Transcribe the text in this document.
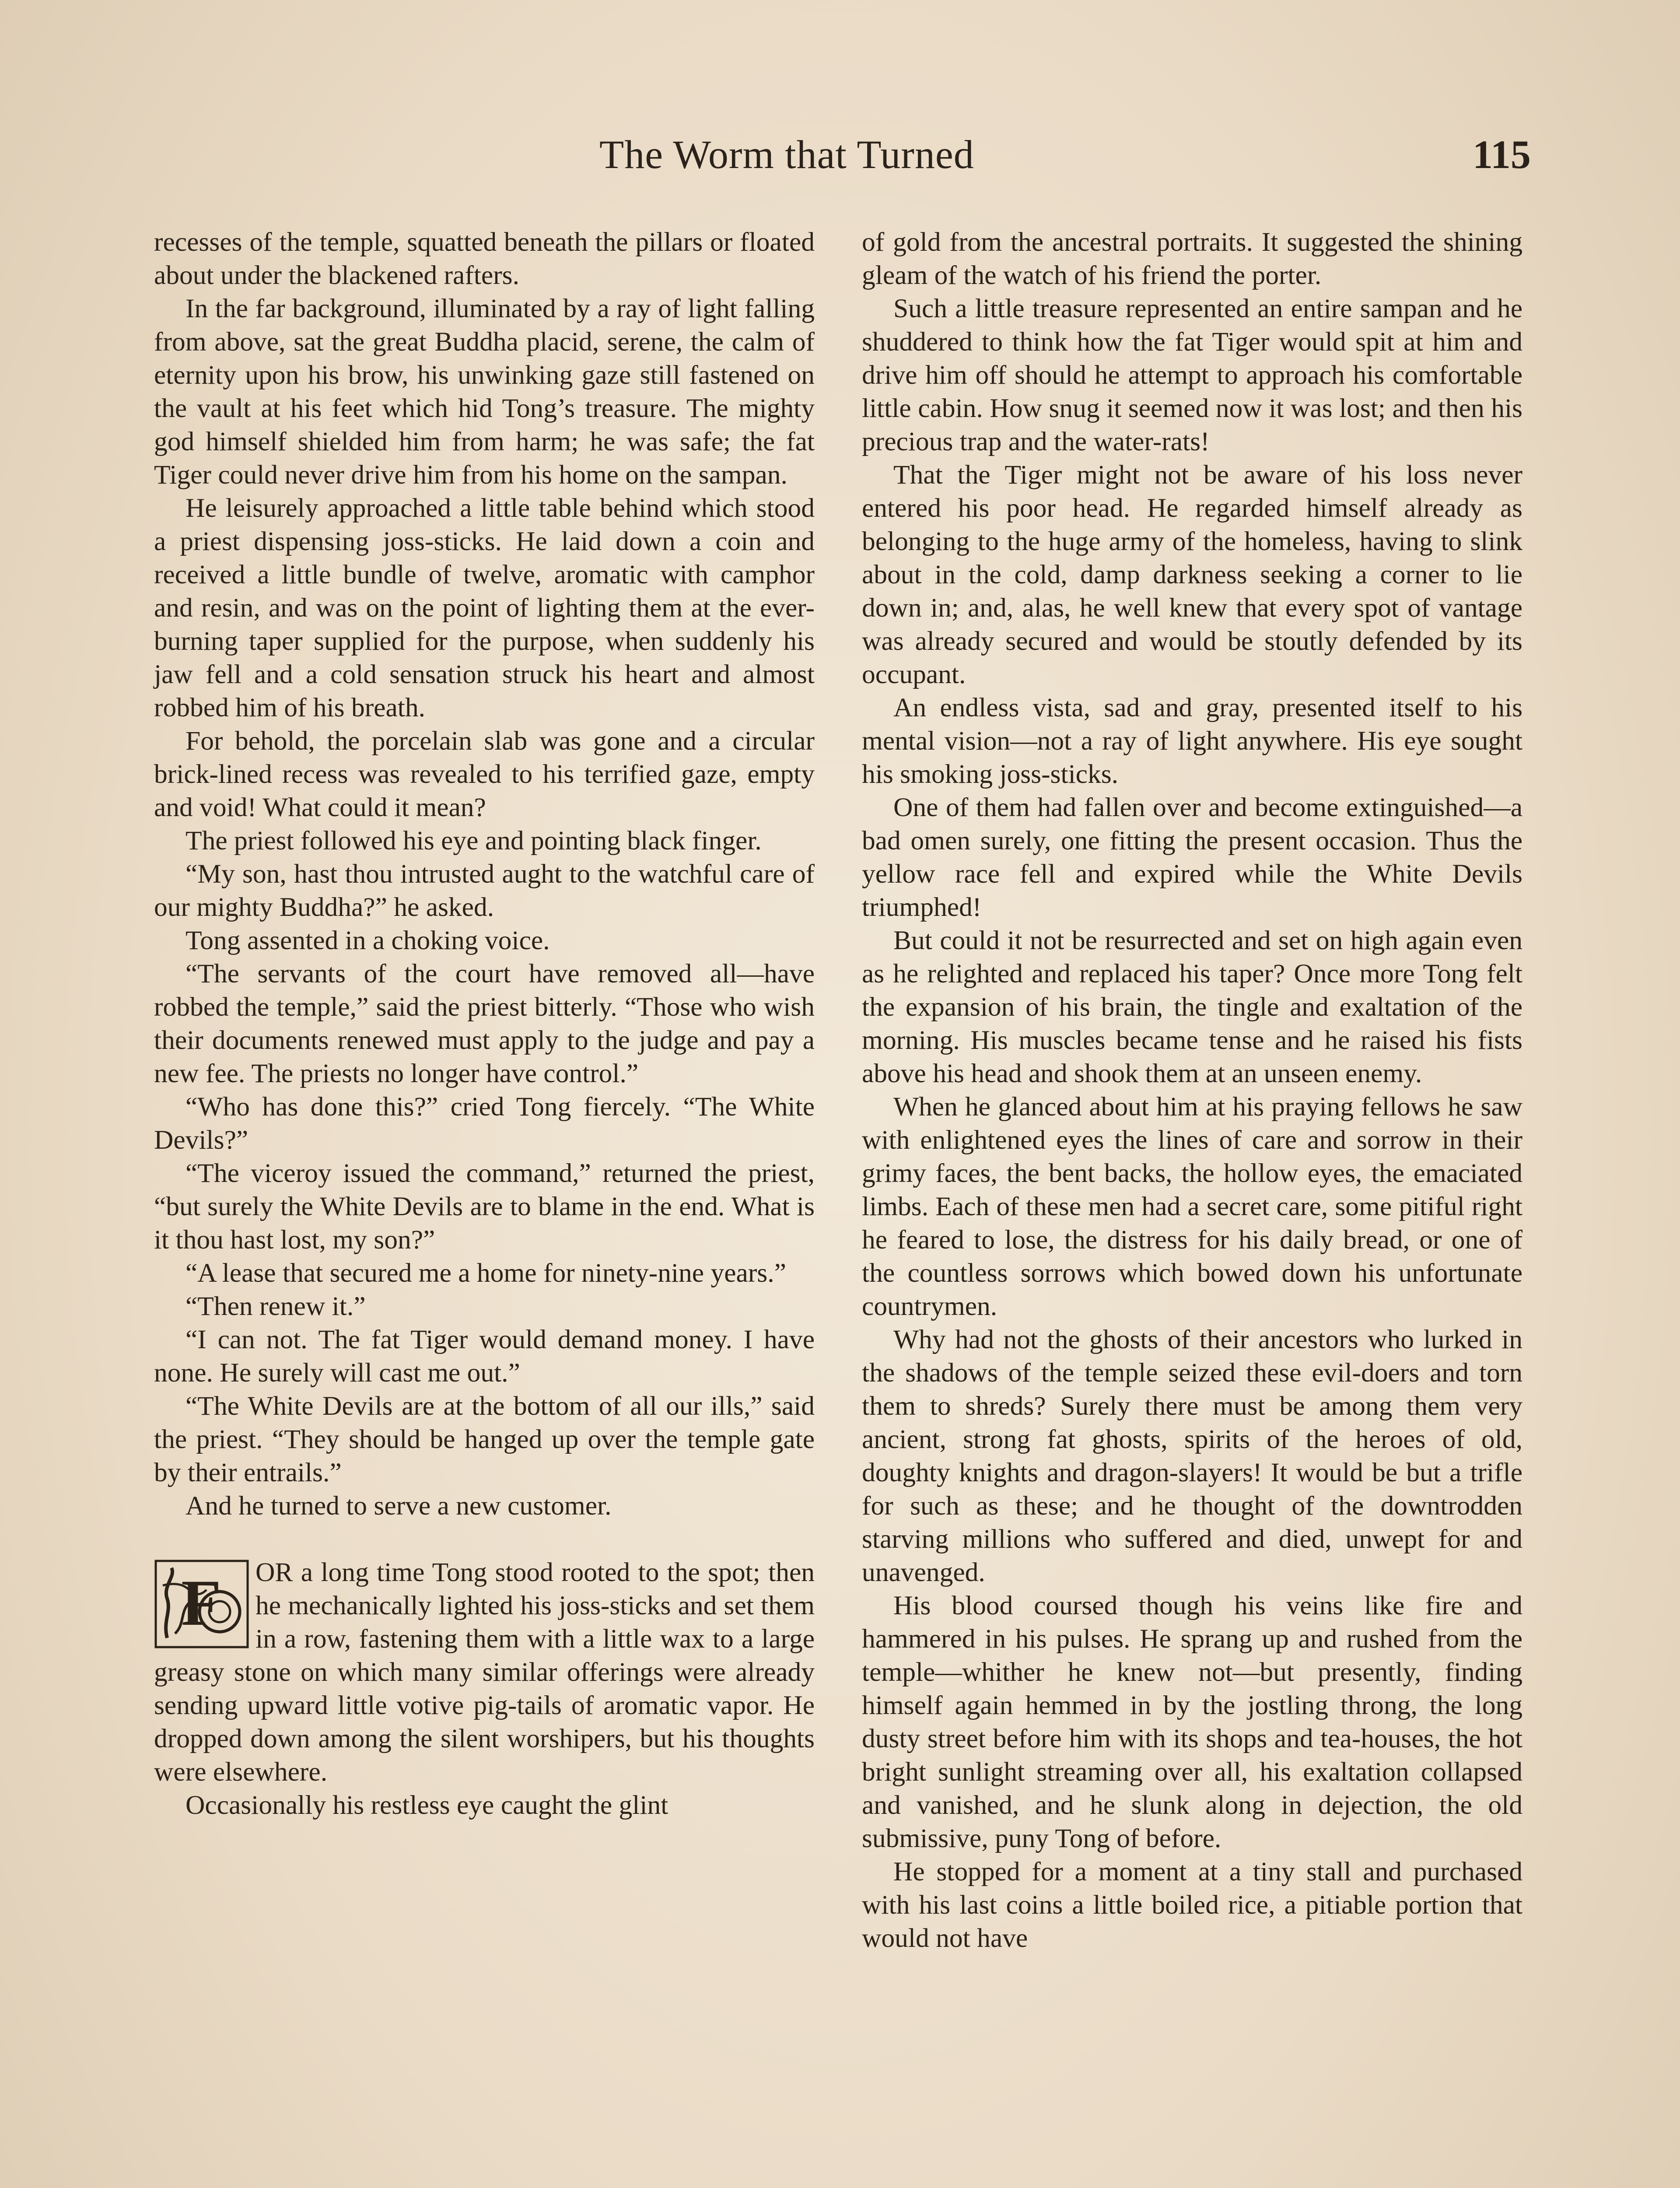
The Worm that Turned	115

recesses of the temple, squatted beneath the pillars or floated about under the blackened rafters.

In the far background, illuminated by a ray of light falling from above, sat the great Buddha placid, serene, the calm of eternity upon his brow, his unwinking gaze still fastened on the vault at his feet which hid Tong’s treasure. The mighty god himself shielded him from harm; he was safe; the fat Tiger could never drive him from his home on the sampan.

He leisurely approached a little table behind which stood a priest dispensing joss-sticks. He laid down a coin and received a little bundle of twelve, aromatic with camphor and resin, and was on the point of lighting them at the ever-burning taper supplied for the purpose, when suddenly his jaw fell and a cold sensation struck his heart and almost robbed him of his breath.

For behold, the porcelain slab was gone and a circular brick-lined recess was revealed to his terrified gaze, empty and void! What could it mean?

The priest followed his eye and pointing black finger.

“My son, hast thou intrusted aught to the watchful care of our mighty Buddha?” he asked.

Tong assented in a choking voice.

“The servants of the court have removed all—have robbed the temple,” said the priest bitterly. “Those who wish their documents renewed must apply to the judge and pay a new fee. The priests no longer have control.”

“Who has done this?” cried Tong fiercely. “The White Devils?”

“The viceroy issued the command,” returned the priest, “but surely the White Devils are to blame in the end. What is it thou hast lost, my son?”

“A lease that secured me a home for ninety-nine years.”

“Then renew it.”

“I can not. The fat Tiger would demand money. I have none. He surely will cast me out.”

“The White Devils are at the bottom of all our ills,” said the priest. “They should be hanged up over the temple gate by their entrails.”

And he turned to serve a new customer.

F	OR a long time Tong stood rooted to the spot; then he mechanically lighted his joss-sticks and set them in a row, fastening them with a little wax to a large greasy stone on which many similar offerings were already sending upward little votive pig-tails of aromatic vapor. He dropped down among the silent worshipers, but his thoughts were elsewhere.

Occasionally his restless eye caught the glint

of gold from the ancestral portraits. It suggested the shining gleam of the watch of his friend the porter.

Such a little treasure represented an entire sampan and he shuddered to think how the fat Tiger would spit at him and drive him off should he attempt to approach his comfortable little cabin. How snug it seemed now it was lost; and then his precious trap and the water-rats!

That the Tiger might not be aware of his loss never entered his poor head. He regarded himself already as belonging to the huge army of the homeless, having to slink about in the cold, damp darkness seeking a corner to lie down in; and, alas, he well knew that every spot of vantage was already secured and would be stoutly defended by its occupant.

An endless vista, sad and gray, presented itself to his mental vision—not a ray of light anywhere. His eye sought his smoking joss-sticks.

One of them had fallen over and become extinguished—a bad omen surely, one fitting the present occasion. Thus the yellow race fell and expired while the White Devils triumphed!

But could it not be resurrected and set on high again even as he relighted and replaced his taper? Once more Tong felt the expansion of his brain, the tingle and exaltation of the morning. His muscles became tense and he raised his fists above his head and shook them at an unseen enemy.

When he glanced about him at his praying fellows he saw with enlightened eyes the lines of care and sorrow in their grimy faces, the bent backs, the hollow eyes, the emaciated limbs. Each of these men had a secret care, some pitiful right he feared to lose, the distress for his daily bread, or one of the countless sorrows which bowed down his unfortunate countrymen.

Why had not the ghosts of their ancestors who lurked in the shadows of the temple seized these evil-doers and torn them to shreds? Surely there must be among them very ancient, strong fat ghosts, spirits of the heroes of old, doughty knights and dragon-slayers! It would be but a trifle for such as these; and he thought of the downtrodden starving millions who suffered and died, unwept for and unavenged.

His blood coursed though his veins like fire and hammered in his pulses. He sprang up and rushed from the temple—whither he knew not—but presently, finding himself again hemmed in by the jostling throng, the long dusty street before him with its shops and tea-houses, the hot bright sunlight streaming over all, his exaltation collapsed and vanished, and he slunk along in dejection, the old submissive, puny Tong of before.

He stopped for a moment at a tiny stall and purchased with his last coins a little boiled rice, a pitiable portion that would not have
